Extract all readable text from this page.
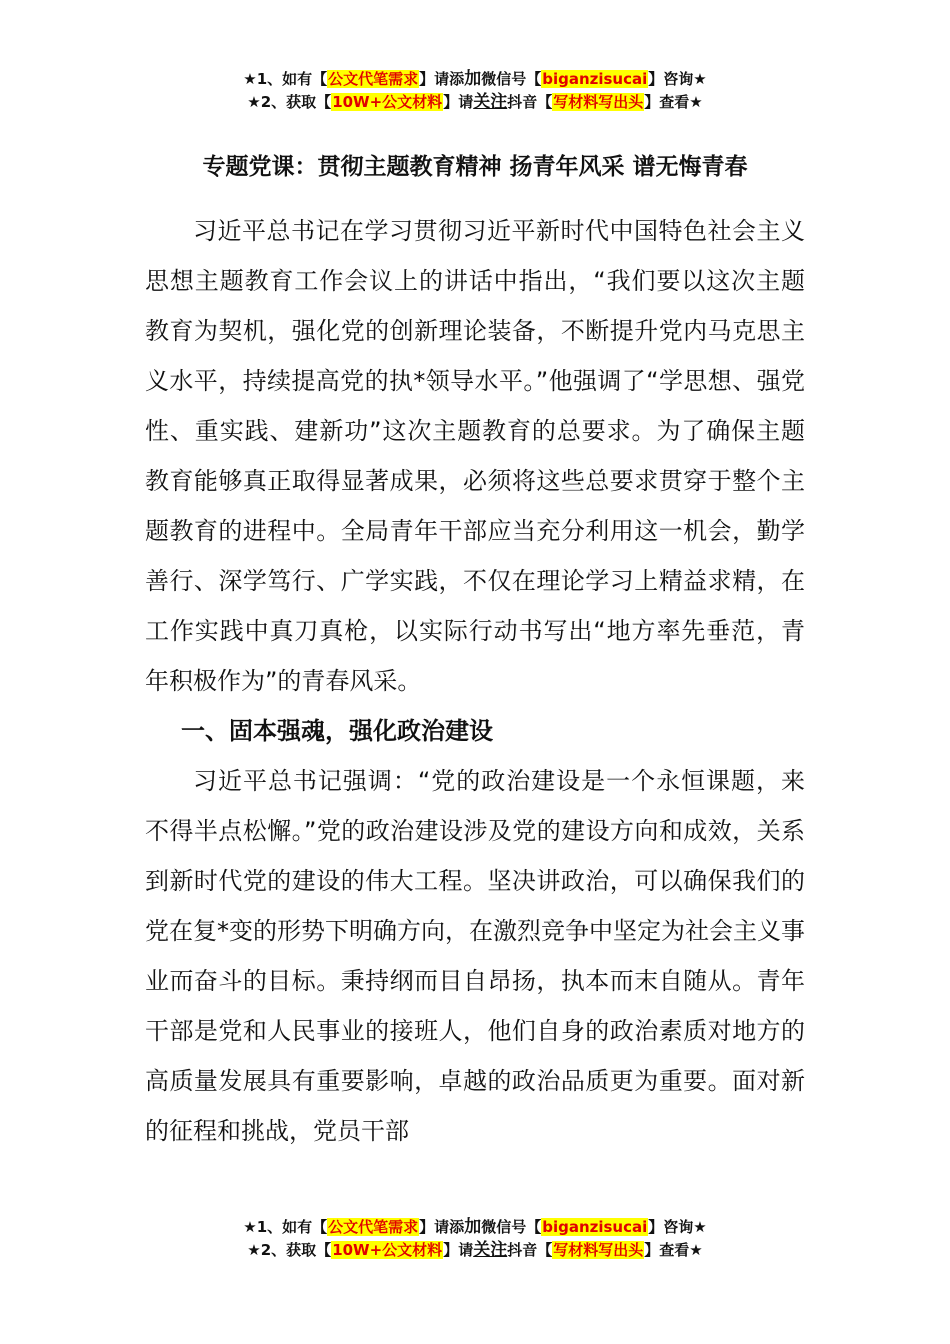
★1、如有【公文代笔需求】请添加微信号【biganzisucai】咨询★
★2、获取【10W+公文材料】请关注抖音【写材料写出头】查看★
专题党课：贯彻主题教育精神 扬青年风采 谱无悔青春

习近平总书记在学习贯彻习近平新时代中国特色社会主义思想主题教育工作会议上的讲话中指出，“我们要以这次主题教育为契机，强化党的创新理论装备，不断提升党内马克思主义水平，持续提高党的执*领导水平。”他强调了“学思想、强党性、重实践、建新功”这次主题教育的总要求。为了确保主题教育能够真正取得显著成果，必须将这些总要求贯穿于整个主题教育的进程中。全局青年干部应当充分利用这一机会，勤学善行、深学笃行、广学实践，不仅在理论学习上精益求精，在工作实践中真刀真枪，以实际行动书写出“地方率先垂范，青年积极作为”的青春风采。

一、固本强魂，强化政治建设

习近平总书记强调：“党的政治建设是一个永恒课题，来不得半点松懈。”党的政治建设涉及党的建设方向和成效，关系到新时代党的建设的伟大工程。坚决讲政治，可以确保我们的党在复*变的形势下明确方向，在激烈竞争中坚定为社会主义事业而奋斗的目标。秉持纲而目自昂扬，执本而末自随从。青年干部是党和人民事业的接班人，他们自身的政治素质对地方的高质量发展具有重要影响，卓越的政治品质更为重要。面对新的征程和挑战，党员干部

★1、如有【公文代笔需求】请添加微信号【biganzisucai】咨询★
★2、获取【10W+公文材料】请关注抖音【写材料写出头】查看★
